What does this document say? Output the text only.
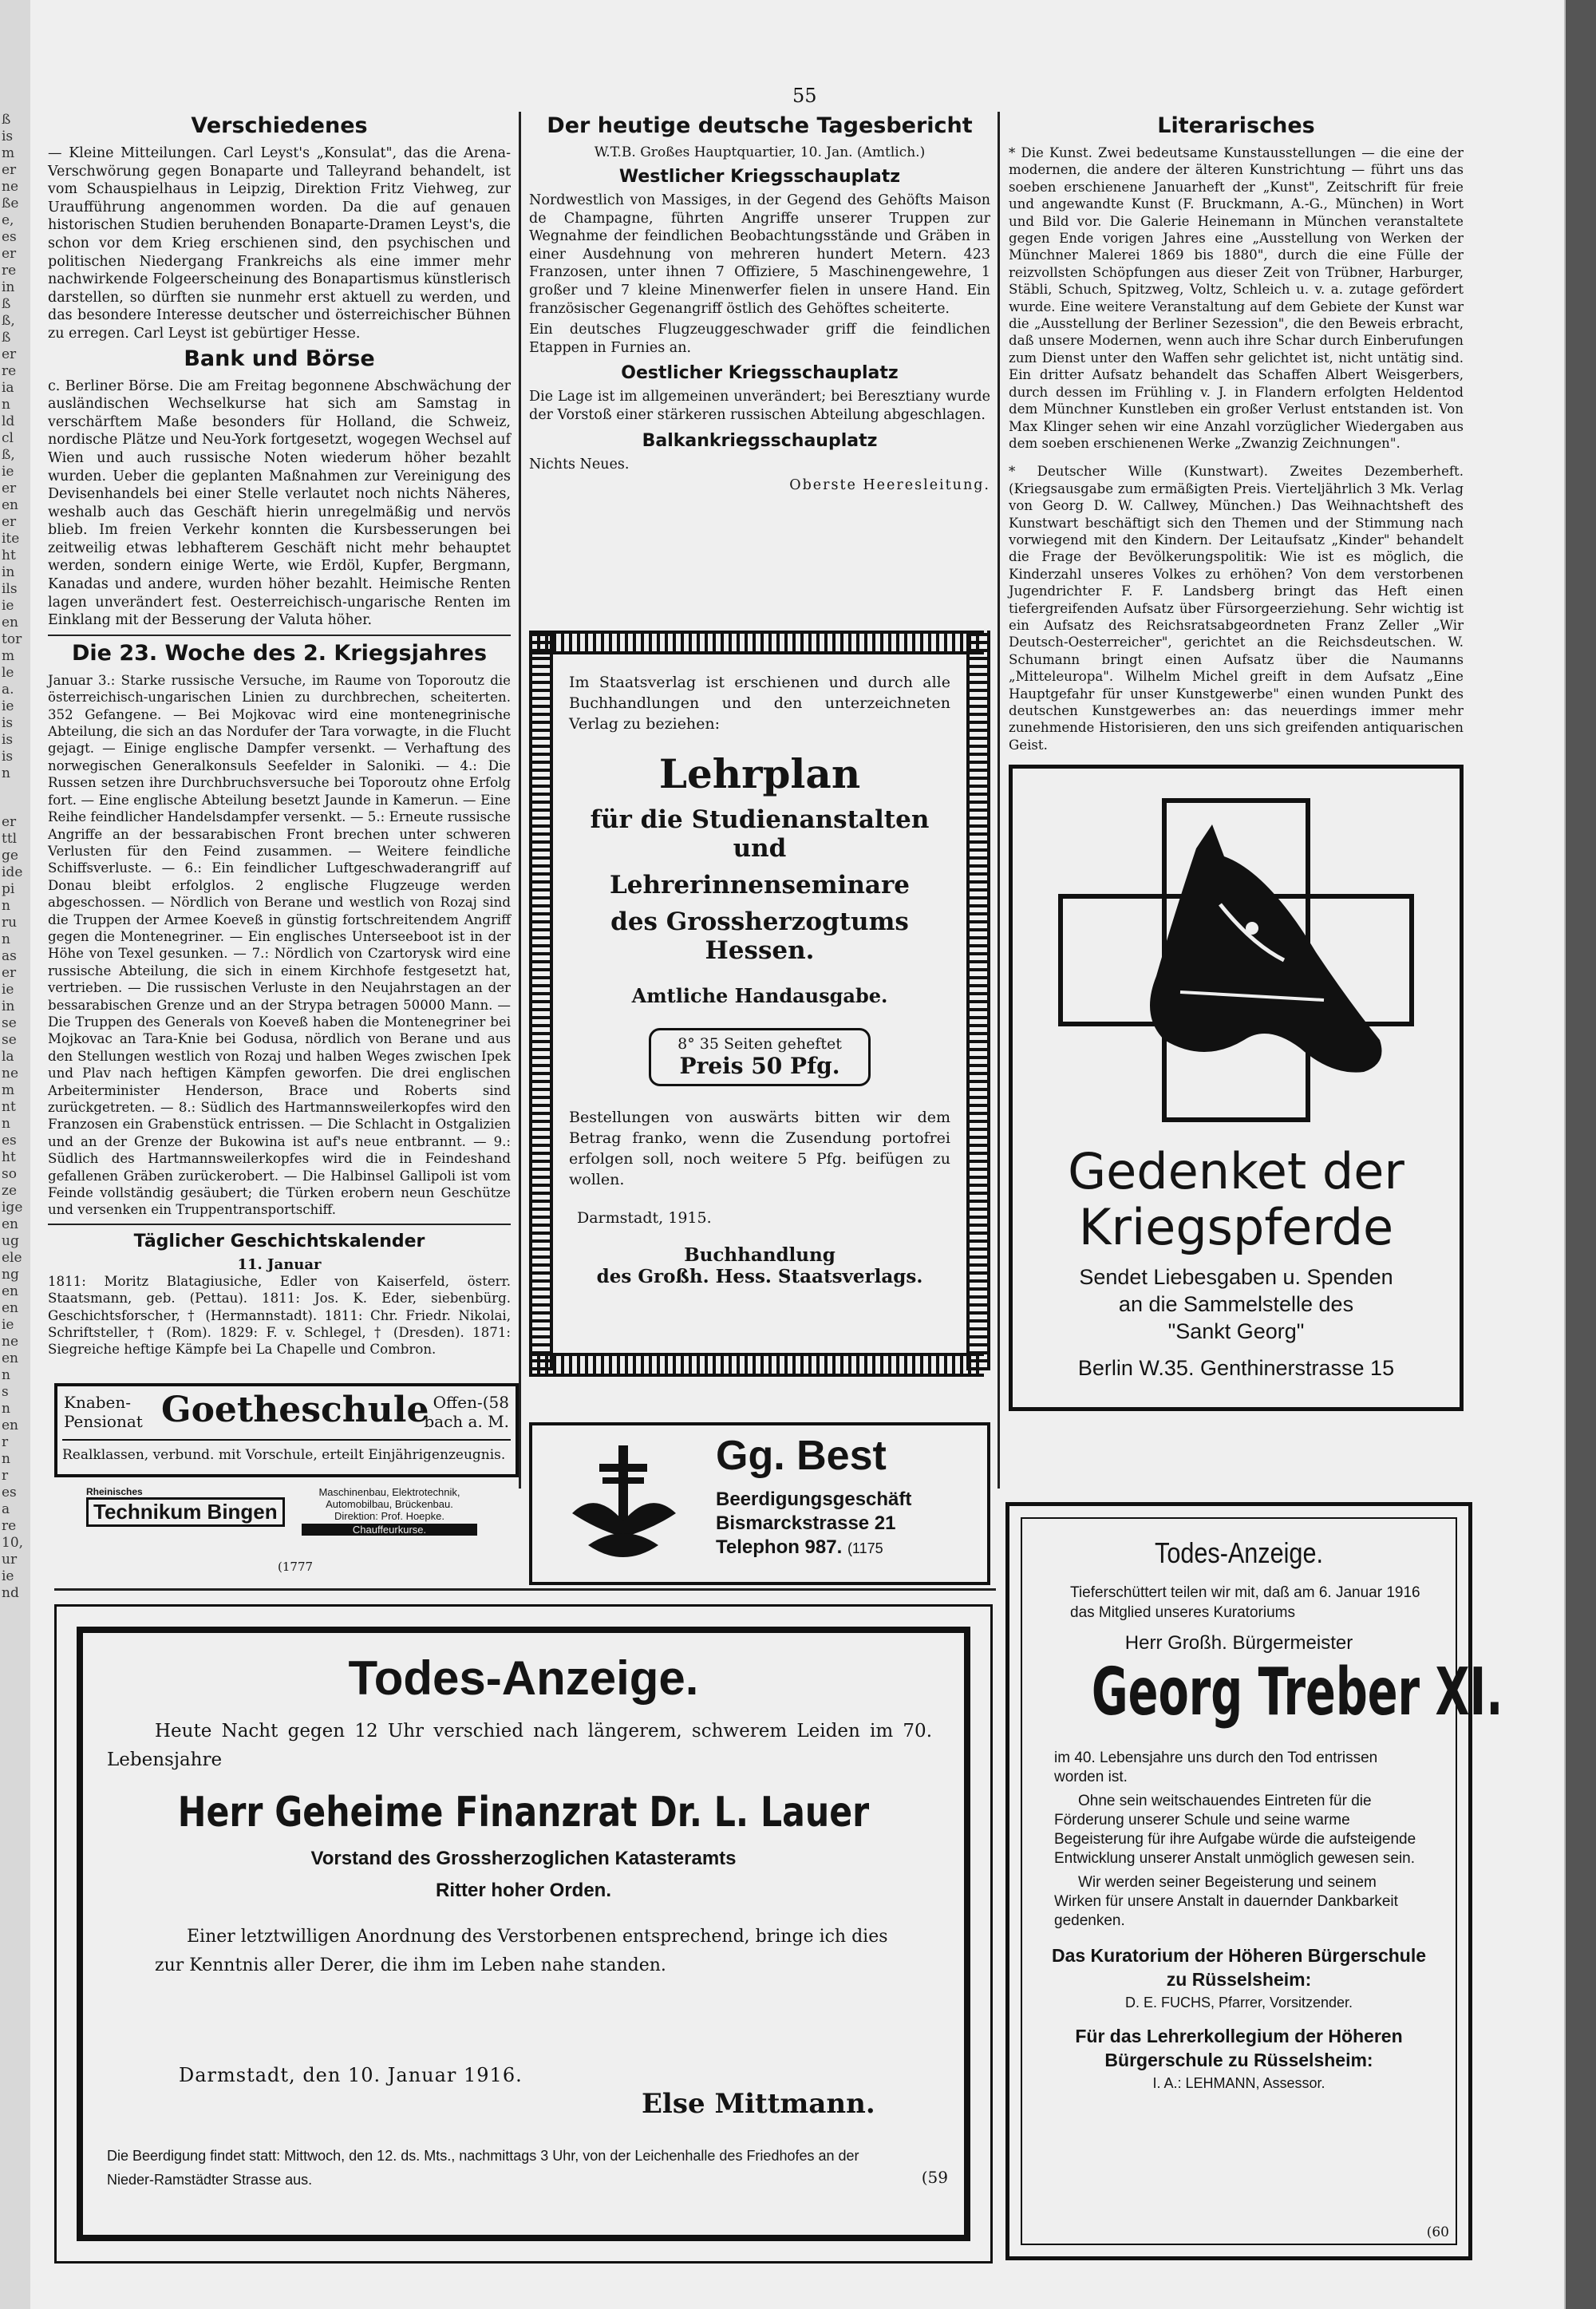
ß
is
m
er
ne
ße
e,
es
er
re
in
ß
ß,
ß
er
re
ia
n
ld
cl
ß,
ie
er
en
er
ite
ht
in
ils
ie
en
tor
m
le
a.
ie
is
is
is
n
er
ttl
ge
ide
pi
n
ru
n
as
er
ie
in
se
se
la
ne
m
nt
n
es
ht
so
ze
ige
en
ug
ele
ng
en
en
ie
ne
en
n
s
n
en
r
n
r
es
a
re
10,
ur
ie
nd
55
Verschiedenes

— Kleine Mitteilungen. Carl Leyst's „Konsulat", das die Arena-Verschwörung gegen Bonaparte und Talleyrand behandelt, ist vom Schauspielhaus in Leipzig, Direktion Fritz Viehweg, zur Uraufführung angenommen worden. Da die auf genauen historischen Studien beruhenden Bonaparte-Dramen Leyst's, die schon vor dem Krieg erschienen sind, den psychischen und politischen Niedergang Frankreichs als eine immer mehr nachwirkende Folgeerscheinung des Bonapartismus künstlerisch darstellen, so dürften sie nunmehr erst aktuell zu werden, und das besondere Interesse deutscher und österreichischer Bühnen zu erregen. Carl Leyst ist gebürtiger Hesse.

Bank und Börse

c. Berliner Börse. Die am Freitag begonnene Abschwächung der ausländischen Wechselkurse hat sich am Samstag in verschärftem Maße besonders für Holland, die Schweiz, nordische Plätze und Neu-York fortgesetzt, wogegen Wechsel auf Wien und auch russische Noten wiederum höher bezahlt wurden. Ueber die geplanten Maßnahmen zur Vereinigung des Devisenhandels bei einer Stelle verlautet noch nichts Näheres, weshalb auch das Geschäft hierin unregelmäßig und nervös blieb. Im freien Verkehr konnten die Kursbesserungen bei zeitweilig etwas lebhafterem Geschäft nicht mehr behauptet werden, sondern einige Werte, wie Erdöl, Kupfer, Bergmann, Kanadas und andere, wurden höher bezahlt. Heimische Renten lagen unverändert fest. Oesterreichisch-ungarische Renten im Einklang mit der Besserung der Valuta höher.

Die 23. Woche des 2. Kriegsjahres

Januar 3.: Starke russische Versuche, im Raume von Toporoutz die österreichisch-ungarischen Linien zu durchbrechen, scheiterten. 352 Gefangene. — Bei Mojkovac wird eine montenegrinische Abteilung, die sich an das Nordufer der Tara vorwagte, in die Flucht gejagt. — Einige englische Dampfer versenkt. — Verhaftung des norwegischen Generalkonsuls Seefelder in Saloniki. — 4.: Die Russen setzen ihre Durchbruchsversuche bei Toporoutz ohne Erfolg fort. — Eine englische Abteilung besetzt Jaunde in Kamerun. — Eine Reihe feindlicher Handelsdampfer versenkt. — 5.: Erneute russische Angriffe an der bessarabischen Front brechen unter schweren Verlusten für den Feind zusammen. — Weitere feindliche Schiffsverluste. — 6.: Ein feindlicher Luftgeschwaderangriff auf Donau bleibt erfolglos. 2 englische Flugzeuge werden abgeschossen. — Nördlich von Berane und westlich von Rozaj sind die Truppen der Armee Koeveß in günstig fortschreitendem Angriff gegen die Montenegriner. — Ein englisches Unterseeboot ist in der Höhe von Texel gesunken. — 7.: Nördlich von Czartorysk wird eine russische Abteilung, die sich in einem Kirchhofe festgesetzt hat, vertrieben. — Die russischen Verluste in den Neujahrstagen an der bessarabischen Grenze und an der Strypa betragen 50000 Mann. — Die Truppen des Generals von Koeveß haben die Montenegriner bei Mojkovac an Tara-Knie bei Godusa, nördlich von Berane und aus den Stellungen westlich von Rozaj und halben Weges zwischen Ipek und Plav nach heftigen Kämpfen geworfen. Die drei englischen Arbeiterminister Henderson, Brace und Roberts sind zurückgetreten. — 8.: Südlich des Hartmannsweilerkopfes wird den Franzosen ein Grabenstück entrissen. — Die Schlacht in Ostgalizien und an der Grenze der Bukowina ist auf's neue entbrannt. — 9.: Südlich des Hartmannsweilerkopfes wird die in Feindeshand gefallenen Gräben zurückerobert. — Die Halbinsel Gallipoli ist vom Feinde vollständig gesäubert; die Türken erobern neun Geschütze und versenken ein Truppentransportschiff.

Täglicher Geschichtskalender
11. Januar

1811: Moritz Blatagiusiche, Edler von Kaiserfeld, österr. Staatsmann, geb. (Pettau). 1811: Jos. K. Eder, siebenbürg. Geschichtsforscher, † (Hermannstadt). 1811: Chr. Friedr. Nikolai, Schriftsteller, † (Rom). 1829: F. v. Schlegel, † (Dresden). 1871: Siegreiche heftige Kämpfe bei La Chapelle und Combron.

Knaben-
Pensionat Goetheschule Offen-(58
bach a. M.
Realklassen, verbund. mit Vorschule, erteilt Einjährigenzeugnis.
Rheinisches
Technikum Bingen
Maschinenbau, Elektrotechnik,
Automobilbau, Brückenbau.
Direktion: Prof. Hoepke.
Chauffeurkurse.
(1777
Der heutige deutsche Tagesbericht
W.T.B. Großes Hauptquartier, 10. Jan. (Amtlich.)
Westlicher Kriegsschauplatz

Nordwestlich von Massiges, in der Gegend des Gehöfts Maison de Champagne, führten Angriffe unserer Truppen zur Wegnahme der feindlichen Beobachtungsstände und Gräben in einer Ausdehnung von mehreren hundert Metern. 423 Franzosen, unter ihnen 7 Offiziere, 5 Maschinengewehre, 1 großer und 7 kleine Minenwerfer fielen in unsere Hand. Ein französischer Gegenangriff östlich des Gehöftes scheiterte.

Ein deutsches Flugzeuggeschwader griff die feindlichen Etappen in Furnies an.

Oestlicher Kriegsschauplatz

Die Lage ist im allgemeinen unverändert; bei Beresztiany wurde der Vorstoß einer stärkeren russischen Abteilung abgeschlagen.

Balkankriegsschauplatz

Nichts Neues.

Oberste Heeresleitung.

Im Staatsverlag ist erschienen und durch alle Buchhandlungen und den unterzeichneten Verlag zu beziehen:

Lehrplan
für die Studienanstalten und
Lehrerinnenseminare
des Grossherzogtums Hessen.
Amtliche Handausgabe.
8° 35 Seiten geheftet
Preis 50 Pfg.

Bestellungen von auswärts bitten wir dem Betrag franko, wenn die Zusendung portofrei erfolgen soll, noch weitere 5 Pfg. beifügen zu wollen.

Darmstadt, 1915.
Buchhandlung
des Großh. Hess. Staatsverlags.
Gg. Best
Beerdigungsgeschäft
Bismarckstrasse 21
Telephon 987. (1175
Literarisches

* Die Kunst. Zwei bedeutsame Kunstausstellungen — die eine der modernen, die andere der älteren Kunstrichtung — führt uns das soeben erschienene Januarheft der „Kunst", Zeitschrift für freie und angewandte Kunst (F. Bruckmann, A.-G., München) in Wort und Bild vor. Die Galerie Heinemann in München veranstaltete gegen Ende vorigen Jahres eine „Ausstellung von Werken der Münchner Malerei 1869 bis 1880", durch die eine Fülle der reizvollsten Schöpfungen aus dieser Zeit von Trübner, Harburger, Stäbli, Schuch, Spitzweg, Voltz, Schleich u. v. a. zutage gefördert wurde. Eine weitere Veranstaltung auf dem Gebiete der Kunst war die „Ausstellung der Berliner Sezession", die den Beweis erbracht, daß unsere Modernen, wenn auch ihre Schar durch Einberufungen zum Dienst unter den Waffen sehr gelichtet ist, nicht untätig sind. Ein dritter Aufsatz behandelt das Schaffen Albert Weisgerbers, durch dessen im Frühling v. J. in Flandern erfolgten Heldentod dem Münchner Kunstleben ein großer Verlust entstanden ist. Von Max Klinger sehen wir eine Anzahl vorzüglicher Wiedergaben aus dem soeben erschienenen Werke „Zwanzig Zeichnungen".

* Deutscher Wille (Kunstwart). Zweites Dezemberheft. (Kriegsausgabe zum ermäßigten Preis. Vierteljährlich 3 Mk. Verlag von Georg D. W. Callwey, München.) Das Weihnachtsheft des Kunstwart beschäftigt sich den Themen und der Stimmung nach vorwiegend mit den Kindern. Der Leitaufsatz „Kinder" behandelt die Frage der Bevölkerungspolitik: Wie ist es möglich, die Kinderzahl unseres Volkes zu erhöhen? Von dem verstorbenen Jugendrichter F. F. Landsberg bringt das Heft einen tiefergreifenden Aufsatz über Fürsorgeerziehung. Sehr wichtig ist ein Aufsatz des Reichsratsabgeordneten Franz Zeller „Wir Deutsch-Oesterreicher", gerichtet an die Reichsdeutschen. W. Schumann bringt einen Aufsatz über die Naumanns „Mitteleuropa". Wilhelm Michel greift in dem Aufsatz „Eine Hauptgefahr für unser Kunstgewerbe" einen wunden Punkt des deutschen Kunstgewerbes an: das neuerdings immer mehr zunehmende Historisieren, den uns sich greifenden antiquarischen Geist.

Gedenket der
Kriegspferde
Sendet Liebesgaben u. Spenden
an die Sammelstelle des
"Sankt Georg"
Berlin W.35. Genthinerstrasse 15
Todes-Anzeige.
Heute Nacht gegen 12 Uhr verschied nach längerem, schwerem Leiden im 70. Lebensjahre
Herr Geheime Finanzrat Dr. L. Lauer
Vorstand des Grossherzoglichen Katasteramts
Ritter hoher Orden.
Einer letztwilligen Anordnung des Verstorbenen entsprechend, bringe ich dies zur Kenntnis aller Derer, die ihm im Leben nahe standen.
Darmstadt, den 10. Januar 1916.
Else Mittmann.
Die Beerdigung findet statt: Mittwoch, den 12. ds. Mts., nachmittags 3 Uhr, von der Leichenhalle des Friedhofes an der Nieder-Ramstädter Strasse aus.	(59
Todes-Anzeige.
Tieferschüttert teilen wir mit, daß am 6. Januar 1916 das Mitglied unseres Kuratoriums
Herr Großh. Bürgermeister
Georg Treber XI.
im 40. Lebensjahre uns durch den Tod entrissen worden ist.
Ohne sein weitschauendes Eintreten für die Förderung unserer Schule und seine warme Begeisterung für ihre Aufgabe würde die aufsteigende Entwicklung unserer Anstalt unmöglich gewesen sein.
Wir werden seiner Begeisterung und seinem Wirken für unsere Anstalt in dauernder Dankbarkeit gedenken.
Das Kuratorium der Höheren Bürgerschule zu Rüsselsheim:
D. E. FUCHS, Pfarrer, Vorsitzender.
Für das Lehrerkollegium der Höheren Bürgerschule zu Rüsselsheim:
I. A.: LEHMANN, Assessor.
(60
